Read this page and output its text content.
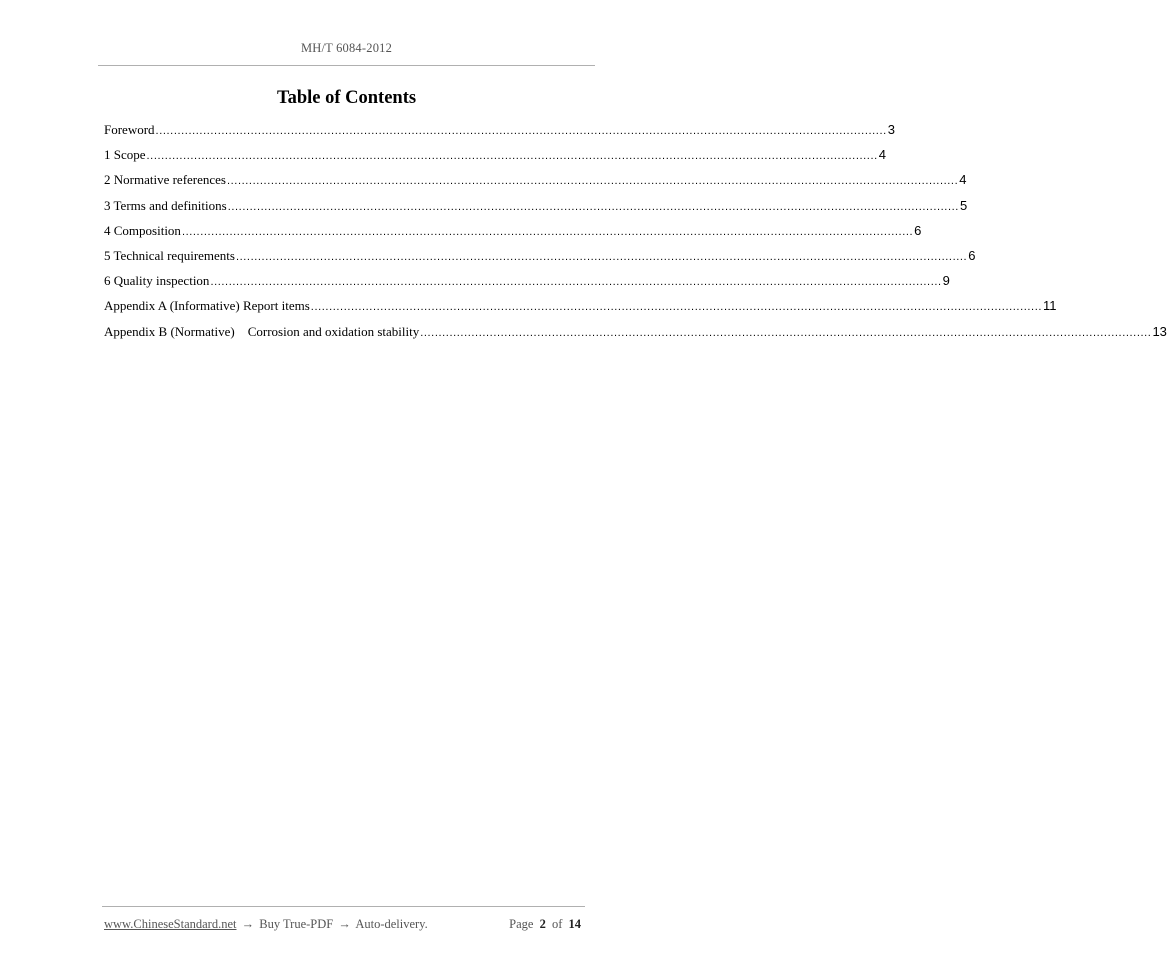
MH/T 6084-2012
Table of Contents
Foreword ........................................................................................................................................................................................................ 3
1 Scope ........................................................................................................................................................................................................ 4
2 Normative references ........................................................................................................................................................................................................ 4
3 Terms and definitions ........................................................................................................................................................................................................ 5
4 Composition ........................................................................................................................................................................................................ 6
5 Technical requirements ........................................................................................................................................................................................................ 6
6 Quality inspection ........................................................................................................................................................................................................ 9
Appendix A (Informative) Report items ........................................................................................................................................................................................................ 11
Appendix B (Normative)    Corrosion and oxidation stability ........................................................................................................................................................................................................ 13
www.ChineseStandard.net → Buy True-PDF → Auto-delivery.	Page 2 of 14
